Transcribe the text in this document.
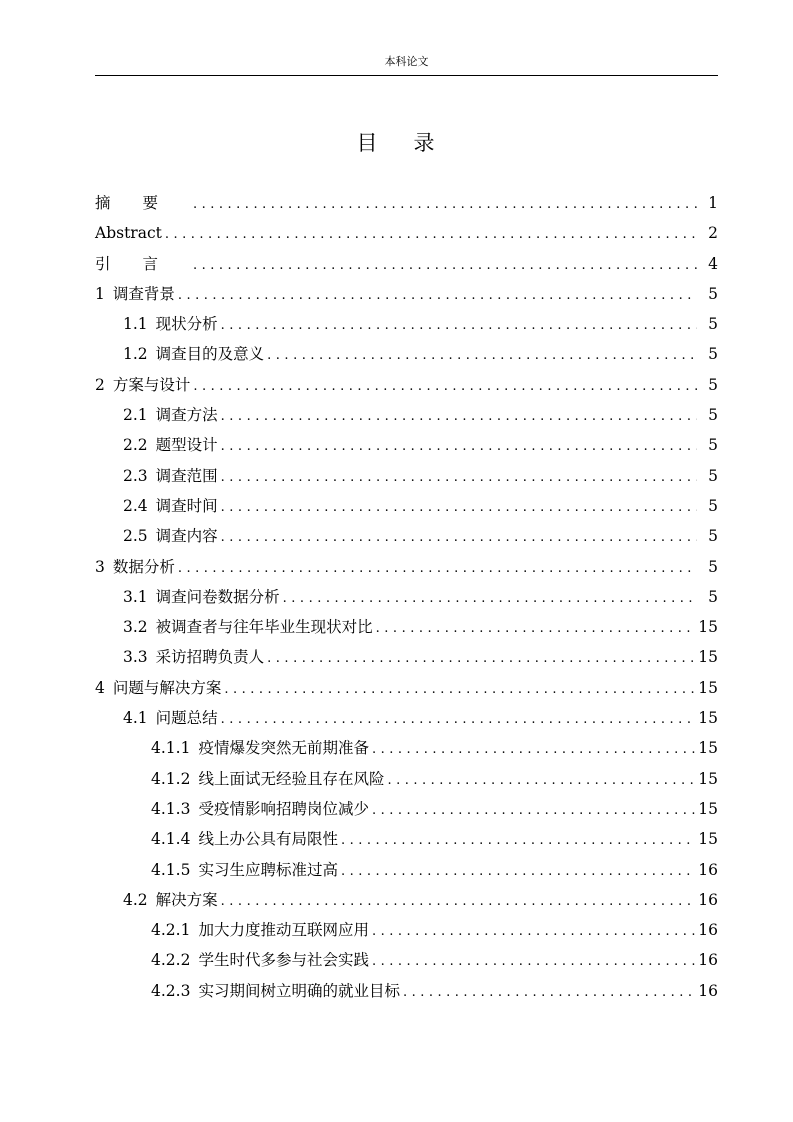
本科论文
目 录
摘要 .....	1
Abstract .....	2
引言 .....	4
1 调查背景 .....	5
1.1 现状分析 .....	5
1.2 调查目的及意义 .....	5
2 方案与设计 .....	5
2.1 调查方法 .....	5
2.2 题型设计 .....	5
2.3 调查范围 .....	5
2.4 调查时间 .....	5
2.5 调查内容 .....	5
3 数据分析 .....	5
3.1 调查问卷数据分析 .....	5
3.2 被调查者与往年毕业生现状对比 .....	15
3.3 采访招聘负责人 .....	15
4 问题与解决方案 .....	15
4.1 问题总结 .....	15
4.1.1 疫情爆发突然无前期准备 .....	15
4.1.2 线上面试无经验且存在风险 .....	15
4.1.3 受疫情影响招聘岗位减少 .....	15
4.1.4 线上办公具有局限性 .....	15
4.1.5 实习生应聘标准过高 .....	16
4.2 解决方案 .....	16
4.2.1 加大力度推动互联网应用 .....	16
4.2.2 学生时代多参与社会实践 .....	16
4.2.3 实习期间树立明确的就业目标 .....	16
